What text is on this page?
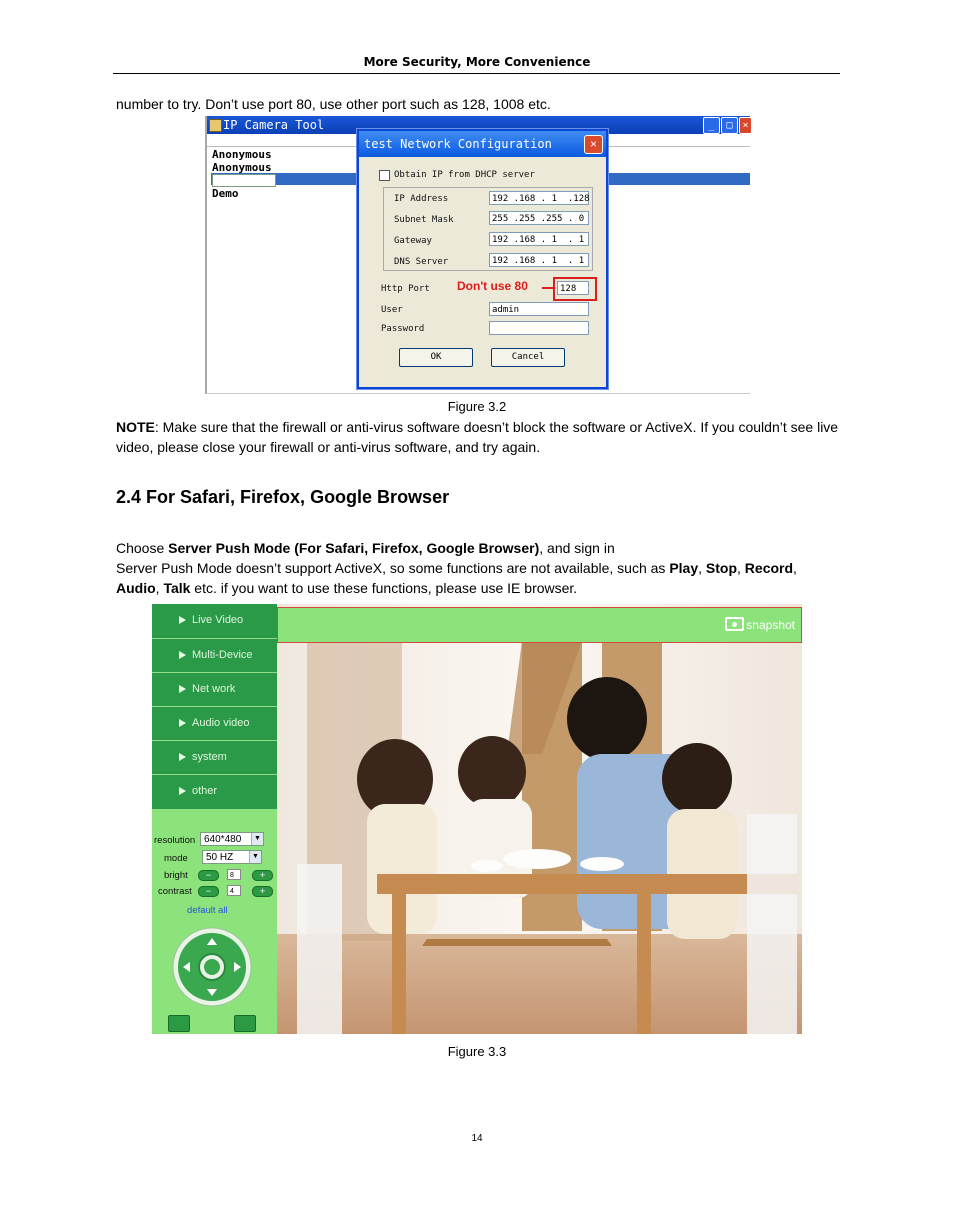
More Security, More Convenience
number to try. Don’t use port 80, use other port such as 128, 1008 etc.
IP Camera Tool	_	□ ×
Anonymous
Anonymous
test
Demo
test Network Configuration	×
Obtain IP from DHCP server
IP Address	192 .168 . 1  .128
Subnet Mask	255 .255 .255 . 0
Gateway	192 .168 . 1  . 1
DNS Server	192 .168 . 1  . 1
Http Port Don't use 80	128
User	admin
Password
OK	Cancel
Figure 3.2
NOTE: Make sure that the firewall or anti-virus software doesn’t block the software or ActiveX. If you couldn’t see live video, please close your firewall or anti-virus software, and try again.
2.4 For Safari, Firefox, Google Browser
Choose Server Push Mode (For Safari, Firefox, Google Browser), and sign in
Server Push Mode doesn’t support ActiveX, so some functions are not available, such as Play, Stop, Record, Audio, Talk etc. if you want to use these functions, please use IE browser.
Live Video
Multi-Device
Net work
Audio video
system
other
resolution 640*480	▼
mode	50 HZ	▼
bright	−	8	+
contrast	−	4	+
default all
snapshot
Figure 3.3
14
